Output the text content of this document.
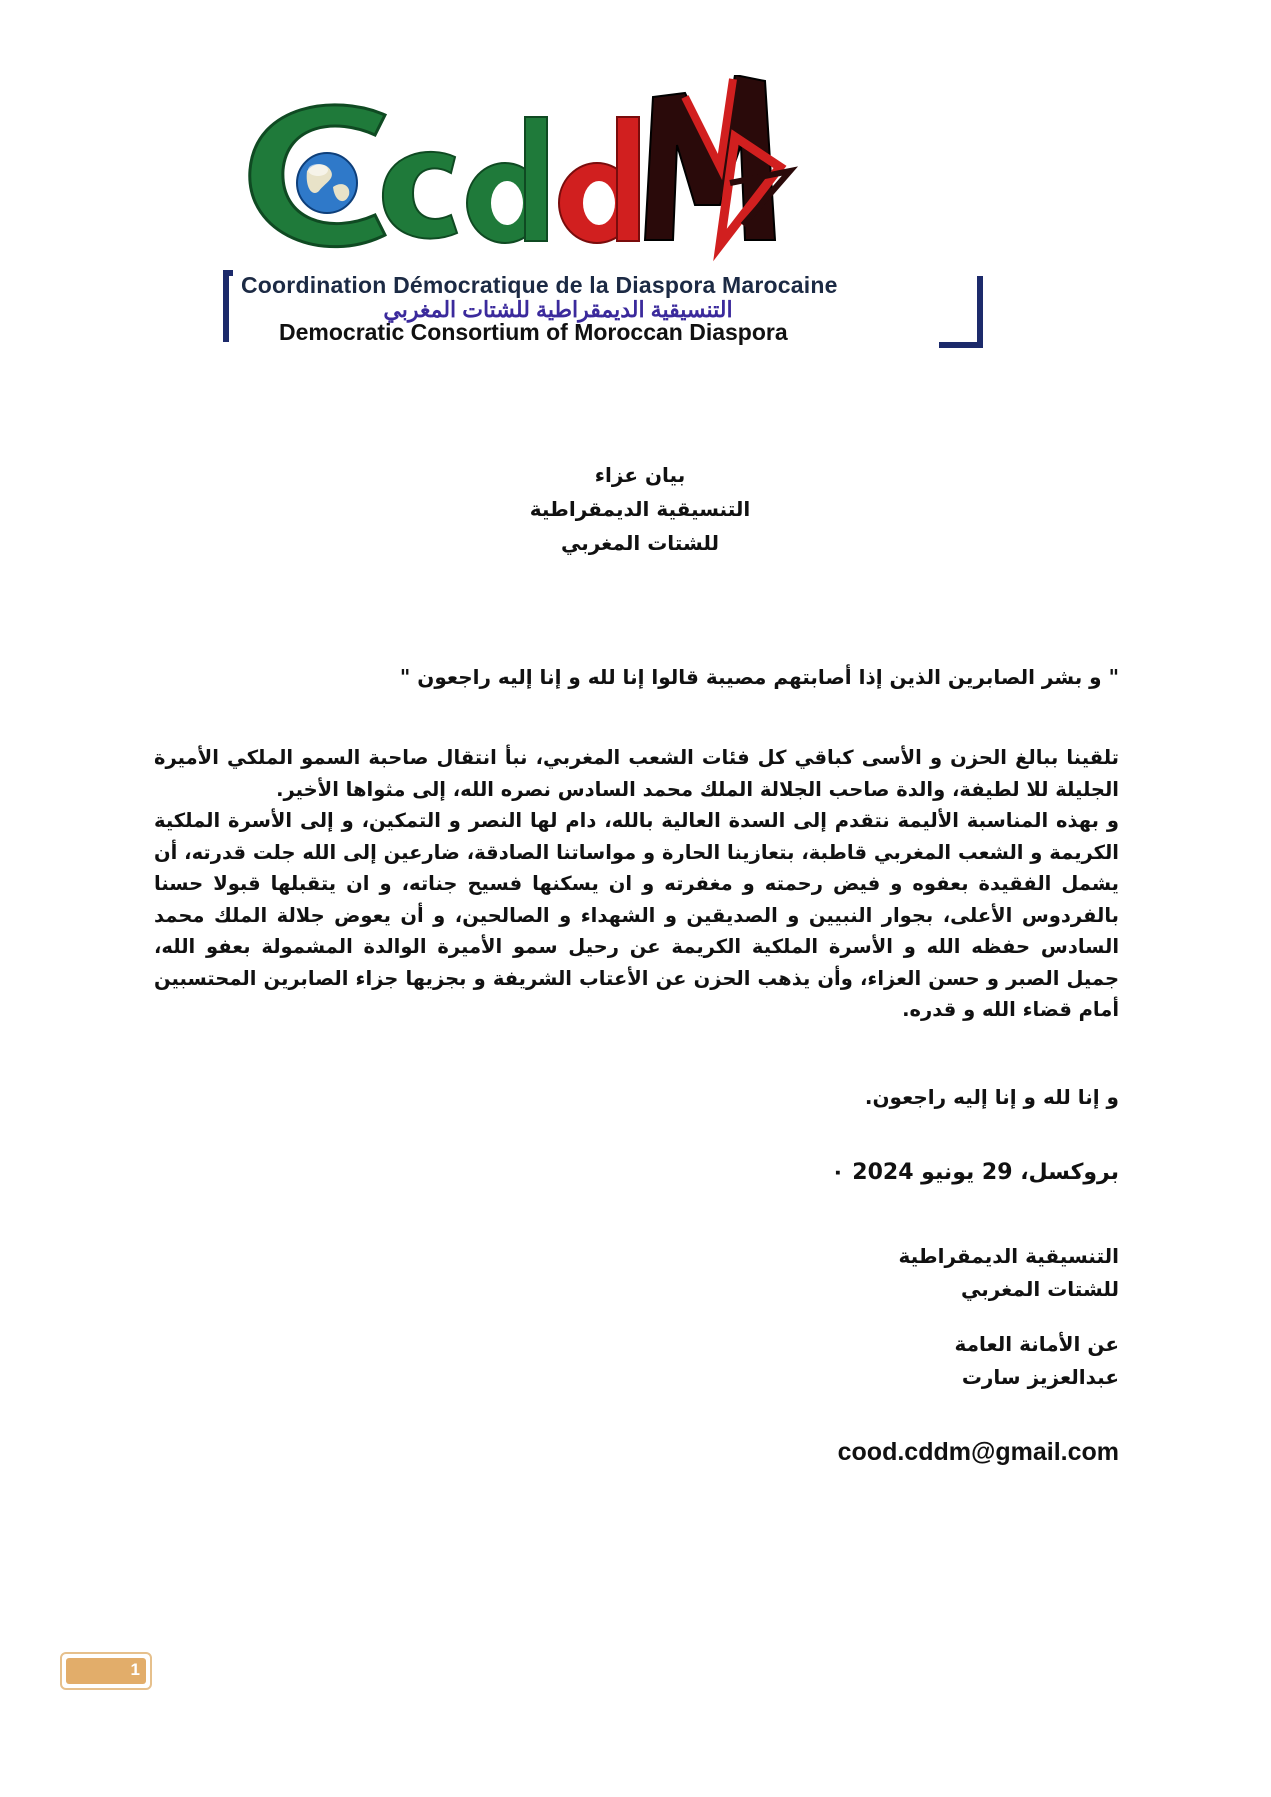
Coordination Démocratique de la Diaspora Marocaine
التنسيقية الديمقراطية للشتات المغربي
Democratic Consortium of Moroccan Diaspora
بيان عزاء
التنسيقية الديمقراطية
للشتات المغربي
" و بشر الصابرين الذين إذا أصابتهم مصيبة قالوا إنا لله و إنا إليه راجعون "

تلقينا ببالغ الحزن و الأسى كباقي كل فئات الشعب المغربي، نبأ انتقال صاحبة السمو الملكي الأميرة الجليلة للا لطيفة، والدة صاحب الجلالة الملك محمد السادس نصره الله، إلى مثواها الأخير.

و بهذه المناسبة الأليمة نتقدم إلى السدة العالية بالله، دام لها النصر و التمكين، و إلى الأسرة الملكية الكريمة و الشعب المغربي قاطبة، بتعازينا الحارة و مواساتنا الصادقة، ضارعين إلى الله جلت قدرته، أن يشمل الفقيدة بعفوه و فيض رحمته و مغفرته و ان يسكنها فسيح جناته، و ان يتقبلها قبولا حسنا بالفردوس الأعلى، بجوار النبيين و الصديقين و الشهداء و الصالحين، و أن يعوض جلالة الملك محمد السادس حفظه الله و الأسرة الملكية الكريمة عن رحيل سمو الأميرة الوالدة المشمولة بعفو الله، جميل الصبر و حسن العزاء، وأن يذهب الحزن عن الأعتاب الشريفة و بجزيها جزاء الصابرين المحتسبين أمام قضاء الله و قدره.

و إنا لله و إنا إليه راجعون.
بروكسل، 29 يونيو 2024 ٠
التنسيقية الديمقراطية
للشتات المغربي
عن الأمانة العامة
عبدالعزيز سارت
cood.cddm@gmail.com
1
